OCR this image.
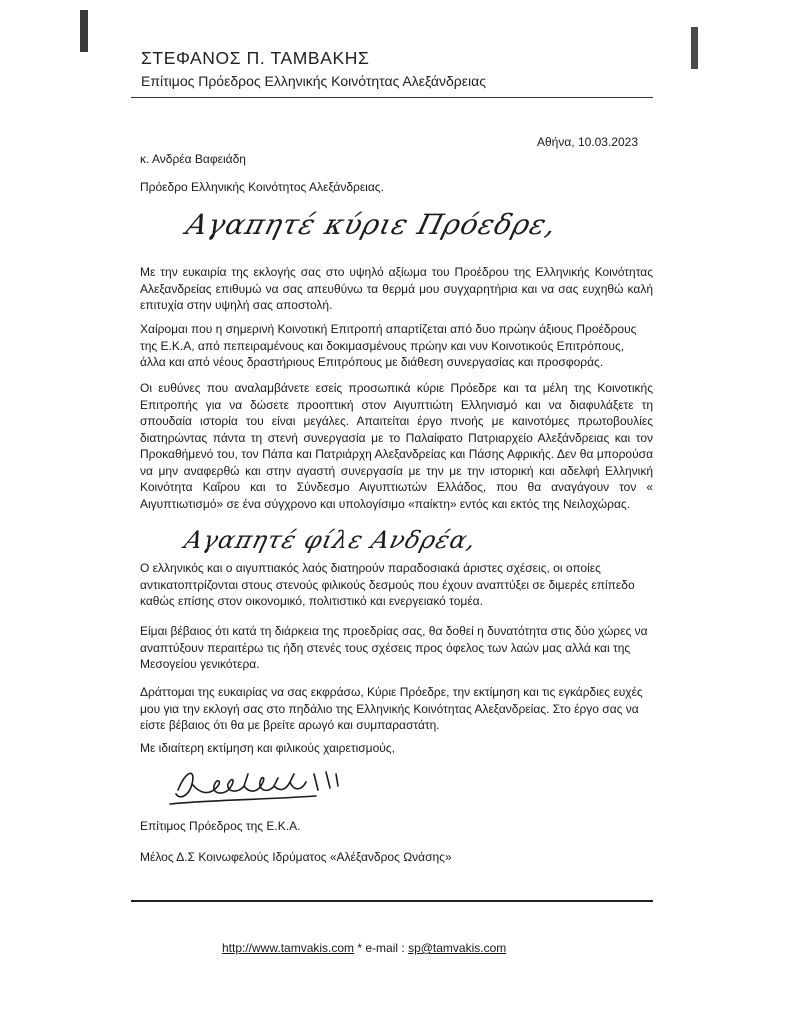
ΣΤΕΦΑΝΟΣ Π. ΤΑΜΒΑΚΗΣ
Επίτιμος Πρόεδρος Ελληνικής Κοινότητας Αλεξάνδρειας
Αθήνα, 10.03.2023
κ. Ανδρέα Βαφειάδη
Πρόεδρο Ελληνικής Κοινότητος Αλεξάνδρειας.
Αγαπητέ κύριε Πρόεδρε,

Με την ευκαιρία της εκλογής σας στο υψηλό αξίωμα του Προέδρου της Ελληνικής Κοινότητας Αλεξανδρείας επιθυμώ να σας απευθύνω τα θερμά μου συγχαρητήρια και να σας ευχηθώ καλή επιτυχία στην υψηλή σας αποστολή.

Χαίρομαι που η σημερινή Κοινοτική Επιτροπή απαρτίζεται από δυο πρώην άξιους Προέδρους της Ε.Κ.Α, από πεπειραμένους και δοκιμασμένους πρώην και νυν Κοινοτικούς Επιτρόπους, άλλα και από νέους δραστήριους Επιτρόπους με διάθεση συνεργασίας και προσφοράς.

Οι ευθύνες που αναλαμβάνετε εσείς προσωπικά κύριε Πρόεδρε και τα μέλη της Κοινοτικής Επιτροπής για να δώσετε προοπτική στον Αιγυπτιώτη Ελληνισμό και να διαφυλάξετε τη σπουδαία ιστορία του είναι μεγάλες. Απαιτείται έργο πνοής με καινοτόμες πρωτοβουλίες διατηρώντας πάντα τη στενή συνεργασία με το Παλαίφατο Πατριαρχείο Αλεξάνδρειας και τον Προκαθήμενό του, τον Πάπα και Πατριάρχη Αλεξανδρείας και Πάσης Αφρικής. Δεν θα μπορούσα να μην αναφερθώ και στην αγαστή συνεργασία με την με την ιστορική και αδελφή Ελληνική Κοινότητα Καΐρου και το Σύνδεσμο Αιγυπτιωτών Ελλάδος, που θα αναγάγουν τον « Αιγυπτιωτισμό» σε ένα σύγχρονο και υπολογίσιμο «παίκτη» εντός και εκτός της Νειλοχώρας.

Αγαπητέ φίλε Ανδρέα,

Ο ελληνικός και ο αιγυπτιακός λαός διατηρούν παραδοσιακά άριστες σχέσεις, οι οποίες αντικατοπτρίζονται στους στενούς φιλικούς δεσμούς που έχουν αναπτύξει σε διμερές επίπεδο καθώς επίσης στον οικονομικό, πολιτιστικό και ενεργειακό τομέα.

Είμαι βέβαιος ότι κατά τη διάρκεια της προεδρίας σας, θα δοθεί η δυνατότητα στις δύο χώρες να αναπτύξουν περαιτέρω τις ήδη στενές τους σχέσεις προς όφελος των λαών μας αλλά και της Μεσογείου γενικότερα.

Δράττομαι της ευκαιρίας να σας εκφράσω, Κύριε Πρόεδρε, την εκτίμηση και τις εγκάρδιες ευχές μου για την εκλογή σας στο πηδάλιο της Ελληνικής Κοινότητας Αλεξανδρείας. Στο έργο σας να είστε βέβαιος ότι θα με βρείτε αρωγό και συμπαραστάτη.

Με ιδιαίτερη εκτίμηση και φιλικούς χαιρετισμούς,
Επίτιμος Πρόεδρος της Ε.Κ.Α.
Μέλος Δ.Σ Κοινωφελούς Ιδρύματος «Αλέξανδρος Ωνάσης»
http://www.tamvakis.com * e-mail : sp@tamvakis.com
